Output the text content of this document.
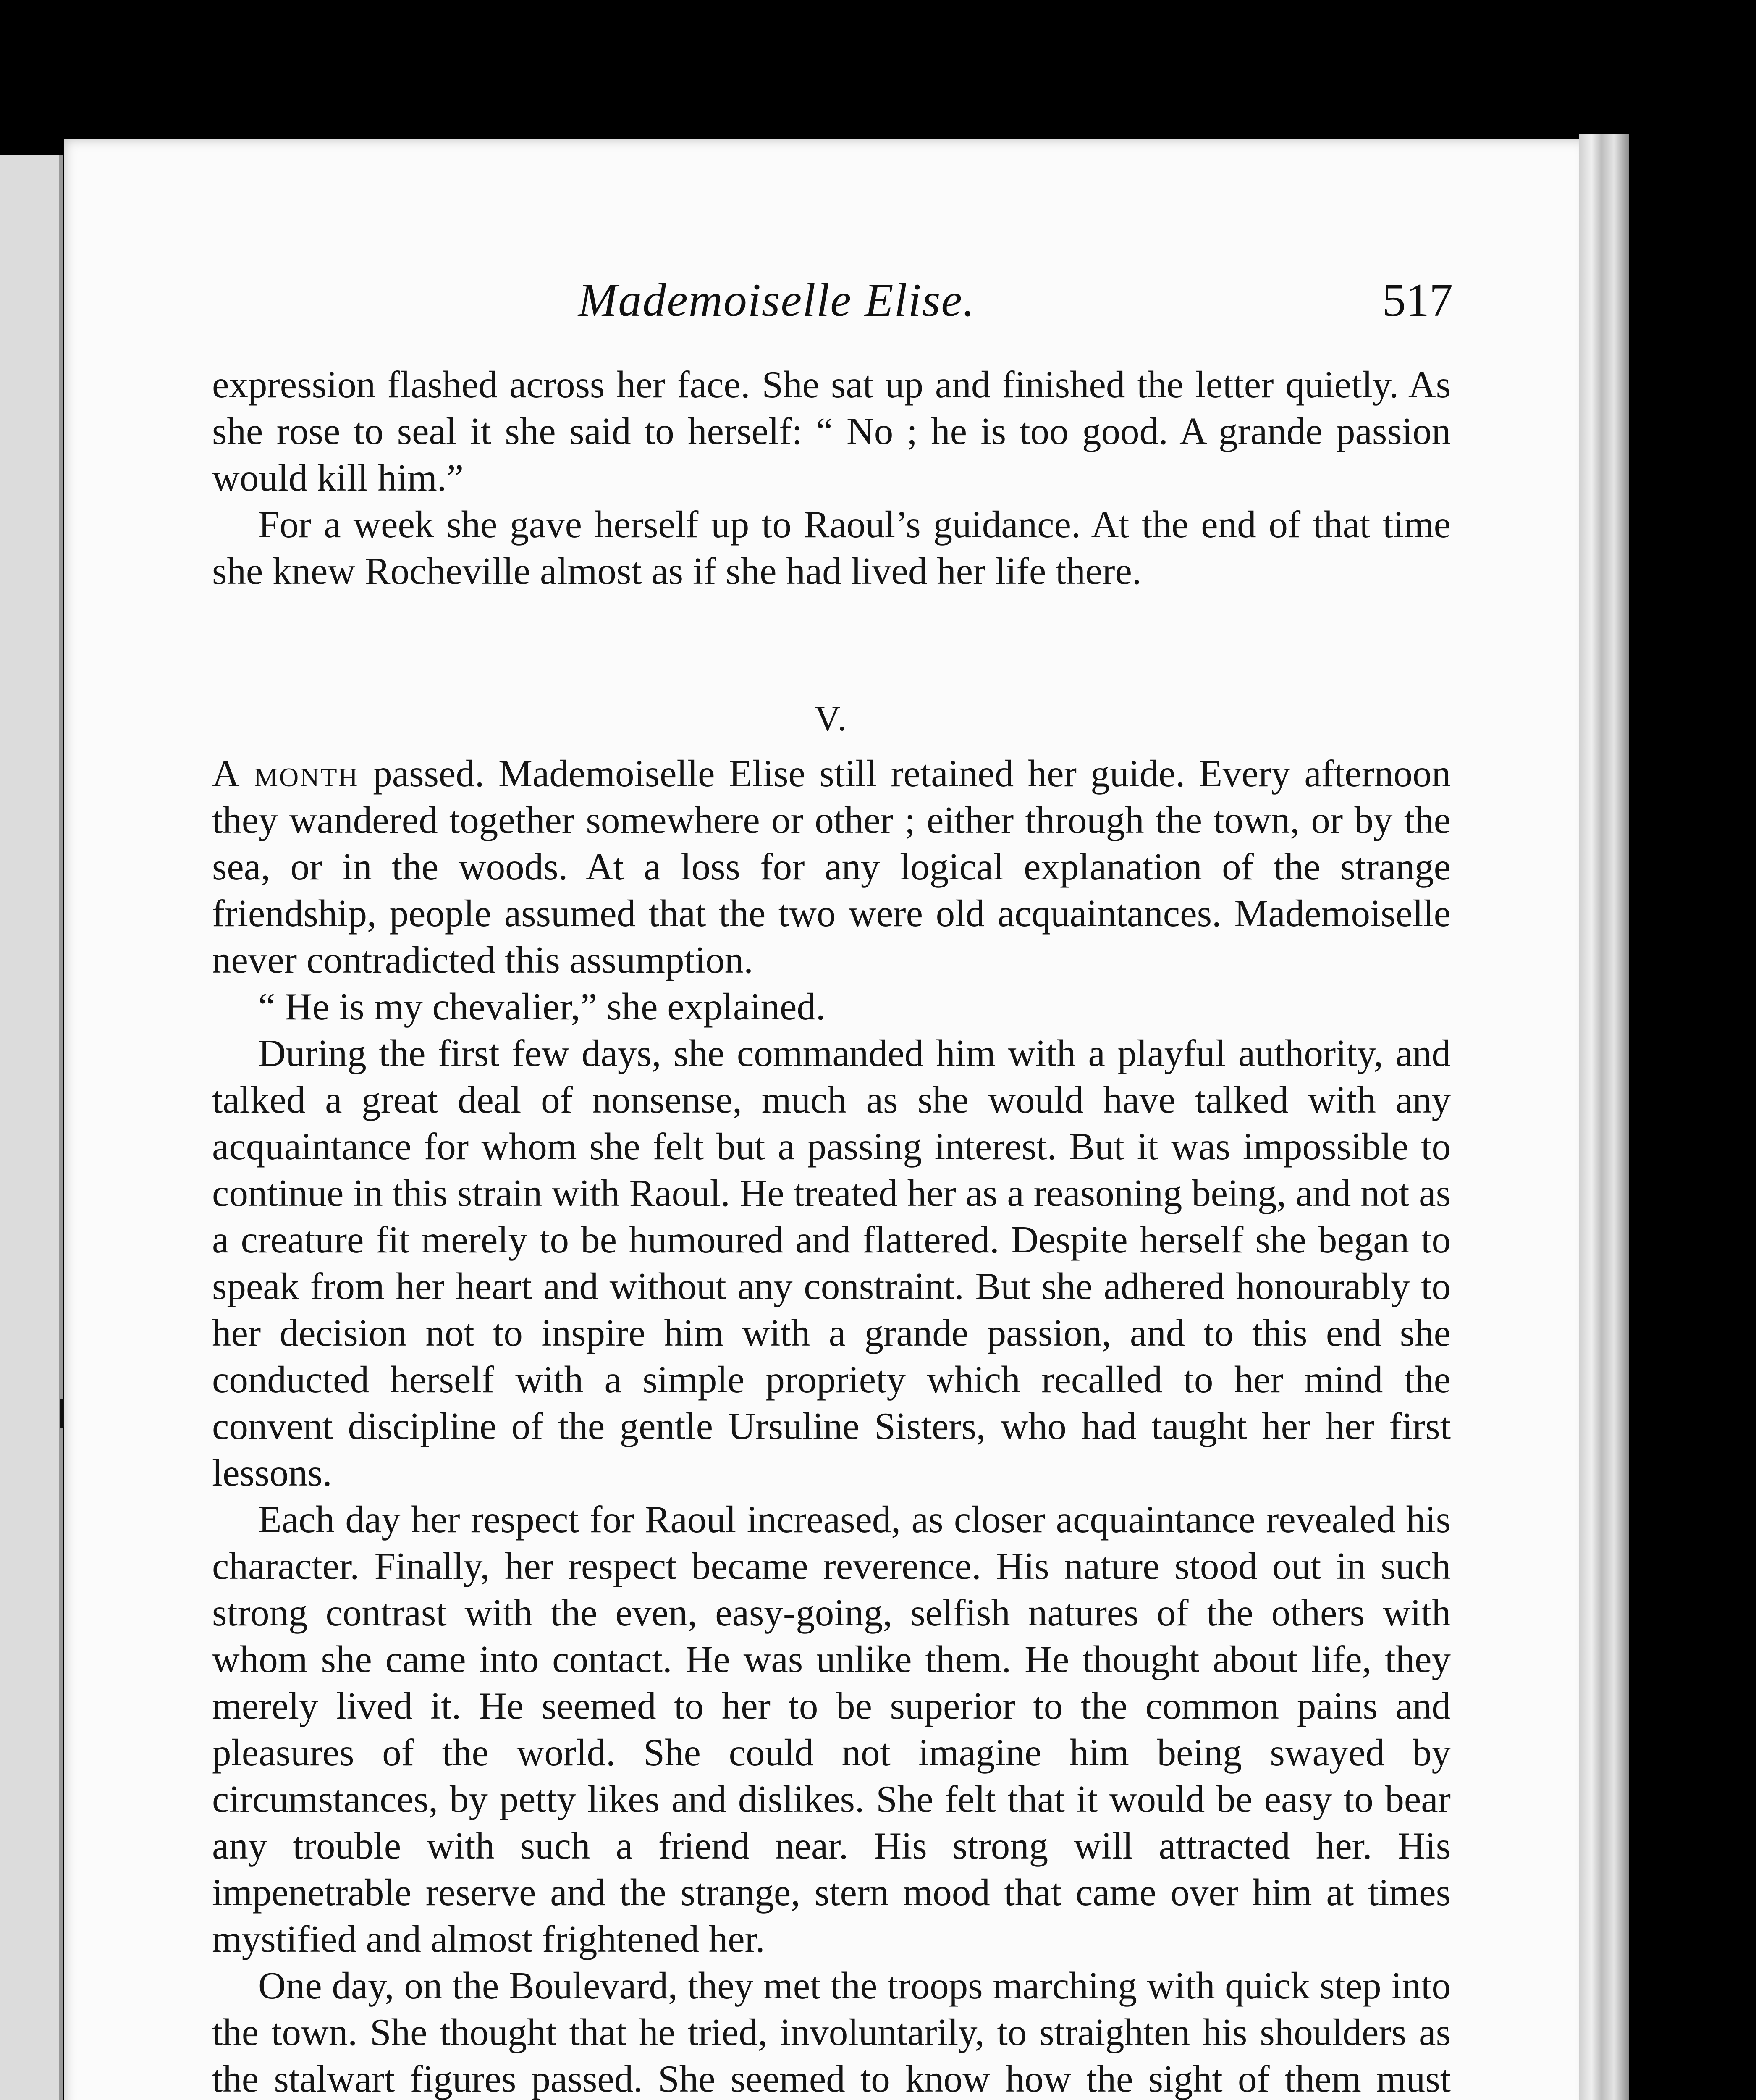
Mademoiselle Elise.	517

expression flashed across her face. She sat up and finished the letter quietly. As she rose to seal it she said to herself: “ No ; he is too good. A grande passion would kill him.”

For a week she gave herself up to Raoul’s guidance. At the end of that time she knew Rocheville almost as if she had lived her life there.

V.

A month passed. Mademoiselle Elise still retained her guide. Every afternoon they wandered together somewhere or other ; either through the town, or by the sea, or in the woods. At a loss for any logical explanation of the strange friendship, people assumed that the two were old acquaintances. Mademoiselle never contradicted this assumption.

“ He is my chevalier,” she explained.

During the first few days, she commanded him with a playful authority, and talked a great deal of nonsense, much as she would have talked with any acquaintance for whom she felt but a passing interest. But it was impossible to continue in this strain with Raoul. He treated her as a reasoning being, and not as a creature fit merely to be humoured and flattered. Despite herself she began to speak from her heart and without any constraint. But she adhered honourably to her decision not to inspire him with a grande passion, and to this end she conducted herself with a simple propriety which recalled to her mind the convent discipline of the gentle Ursuline Sisters, who had taught her her first lessons.

Each day her respect for Raoul increased, as closer acquaintance revealed his character. Finally, her respect became reverence. His nature stood out in such strong contrast with the even, easy-going, selfish natures of the others with whom she came into contact. He was unlike them. He thought about life, they merely lived it. He seemed to her to be superior to the common pains and pleasures of the world. She could not imagine him being swayed by circumstances, by petty likes and dislikes. She felt that it would be easy to bear any trouble with such a friend near. His strong will attracted her. His impenetrable reserve and the strange, stern mood that came over him at times mystified and almost frightened her.

One day, on the Boulevard, they met the troops marching with quick step into the town. She thought that he tried, involuntarily, to straighten his shoulders as the stalwart figures passed. She seemed to know how the sight of them must
